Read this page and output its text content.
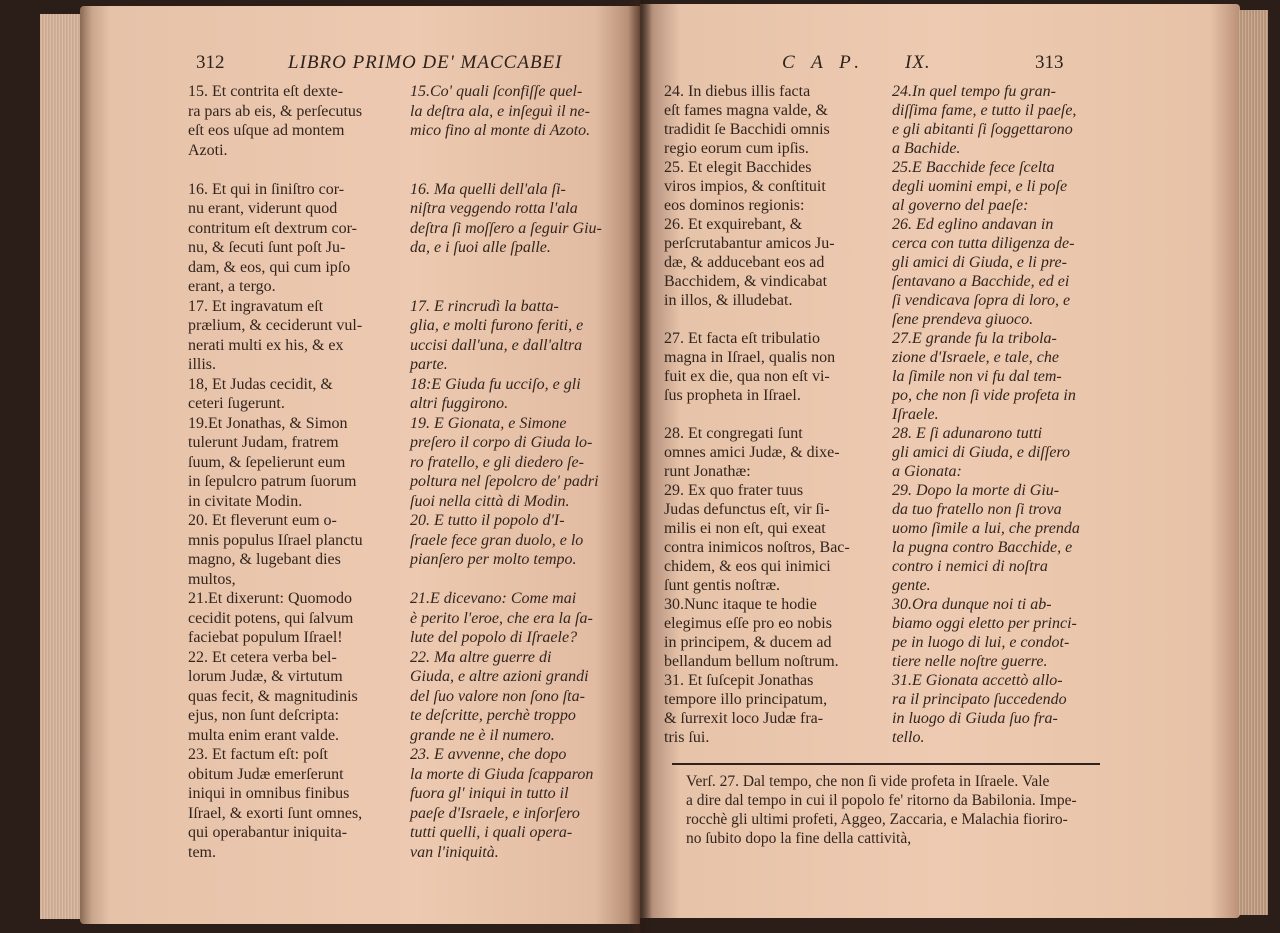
312	LIBRO PRIMO DE' MACCABEI	C A P. IX.	313
15. Et contrita eſt dexte-
ra pars ab eis, & perſecutus
eſt eos uſque ad montem
Azoti.

16. Et qui in ſiniſtro cor-
nu erant, viderunt quod
contritum eſt dextrum cor-
nu, & ſecuti ſunt poſt Ju-
dam, & eos, qui cum ipſo
erant, a tergo.
17. Et ingravatum eſt
prælium, & ceciderunt vul-
nerati multi ex his, & ex
illis.
18, Et Judas cecidit, &
ceteri ſugerunt.
19.Et Jonathas, & Simon
tulerunt Judam, fratrem
ſuum, & ſepelierunt eum
in ſepulcro patrum ſuorum
in civitate Modin.
20. Et fleverunt eum o-
mnis populus Iſrael planctu
magno, & lugebant dies
multos,
21.Et dixerunt: Quomodo
cecidit potens, qui ſalvum
faciebat populum Iſrael!
22. Et cetera verba bel-
lorum Judæ, & virtutum
quas fecit, & magnitudinis
ejus, non ſunt deſcripta:
multa enim erant valde.
23. Et factum eſt: poſt
obitum Judæ emerſerunt
iniqui in omnibus finibus
Iſrael, & exorti ſunt omnes,
qui operabantur iniquita-
tem.
15.Co' quali ſconfiſſe quel-
la deſtra ala, e inſeguì il ne-
mico fino al monte di Azoto.

16. Ma quelli dell'ala ſi-
niſtra veggendo rotta l'ala
deſtra ſi moſſero a ſeguir Giu-
da, e i ſuoi alle ſpalle.

17. E rincrudì la batta-
glia, e molti furono feriti, e
uccisi dall'una, e dall'altra
parte.
18:E Giuda fu ucciſo, e gli
altri fuggirono.
19. E Gionata, e Simone
preſero il corpo di Giuda lo-
ro fratello, e gli diedero ſe-
poltura nel ſepolcro de' padri
ſuoi nella città di Modin.
20. E tutto il popolo d'I-
ſraele fece gran duolo, e lo
pianſero per molto tempo.

21.E dicevano: Come mai
è perito l'eroe, che era la ſa-
lute del popolo di Iſraele?
22. Ma altre guerre di
Giuda, e altre azioni grandi
del ſuo valore non ſono ſta-
te deſcritte, perchè troppo
grande ne è il numero.
23. E avvenne, che dopo
la morte di Giuda ſcapparon
fuora gl' iniqui in tutto il
paeſe d'Israele, e inſorſero
tutti quelli, i quali opera-
van l'iniquità.
24. In diebus illis facta
eſt fames magna valde, &
tradidit ſe Bacchidi omnis
regio eorum cum ipſis.
25. Et elegit Bacchides
viros impios, & conſtituit
eos dominos regionis:
26. Et exquirebant, &
perſcrutabantur amicos Ju-
dæ, & adducebant eos ad
Bacchidem, & vindicabat
in illos, & illudebat.

27. Et facta eſt tribulatio
magna in Iſrael, qualis non
fuit ex die, qua non eſt vi-
ſus propheta in Iſrael.

28. Et congregati ſunt
omnes amici Judæ, & dixe-
runt Jonathæ:
29. Ex quo frater tuus
Judas defunctus eſt, vir ſi-
milis ei non eſt, qui exeat
contra inimicos noſtros, Bac-
chidem, & eos qui inimici
ſunt gentis noſtræ.
30.Nunc itaque te hodie
elegimus eſſe pro eo nobis
in principem, & ducem ad
bellandum bellum noſtrum.
31. Et ſuſcepit Jonathas
tempore illo principatum,
& ſurrexit loco Judæ fra-
tris ſui.
24.In quel tempo fu gran-
diſſima fame, e tutto il paeſe,
e gli abitanti ſi ſoggettarono
a Bachide.
25.E Bacchide fece ſcelta
degli uomini empi, e li poſe
al governo del paeſe:
26. Ed eglino andavan in
cerca con tutta diligenza de-
gli amici di Giuda, e li pre-
ſentavano a Bacchide, ed ei
ſi vendicava ſopra di loro, e
ſene prendeva giuoco.
27.E grande fu la tribola-
zione d'Israele, e tale, che
la ſimile non vi fu dal tem-
po, che non ſi vide profeta in
Iſraele.
28. E ſi adunarono tutti
gli amici di Giuda, e diſſero
a Gionata:
29. Dopo la morte di Giu-
da tuo fratello non ſi trova
uomo ſimile a lui, che prenda
la pugna contro Bacchide, e
contro i nemici di noſtra
gente.
30.Ora dunque noi ti ab-
biamo oggi eletto per princi-
pe in luogo di lui, e condot-
tiere nelle noſtre guerre.
31.E Gionata accettò allo-
ra il principato ſuccedendo
in luogo di Giuda ſuo fra-
tello.
Verſ. 27. Dal tempo, che non ſi vide profeta in Iſraele. Vale
a dire dal tempo in cui il popolo fe' ritorno da Babilonia. Impe-
rocchè gli ultimi profeti, Aggeo, Zaccaria, e Malachia fioriro-
no ſubito dopo la fine della cattività,
